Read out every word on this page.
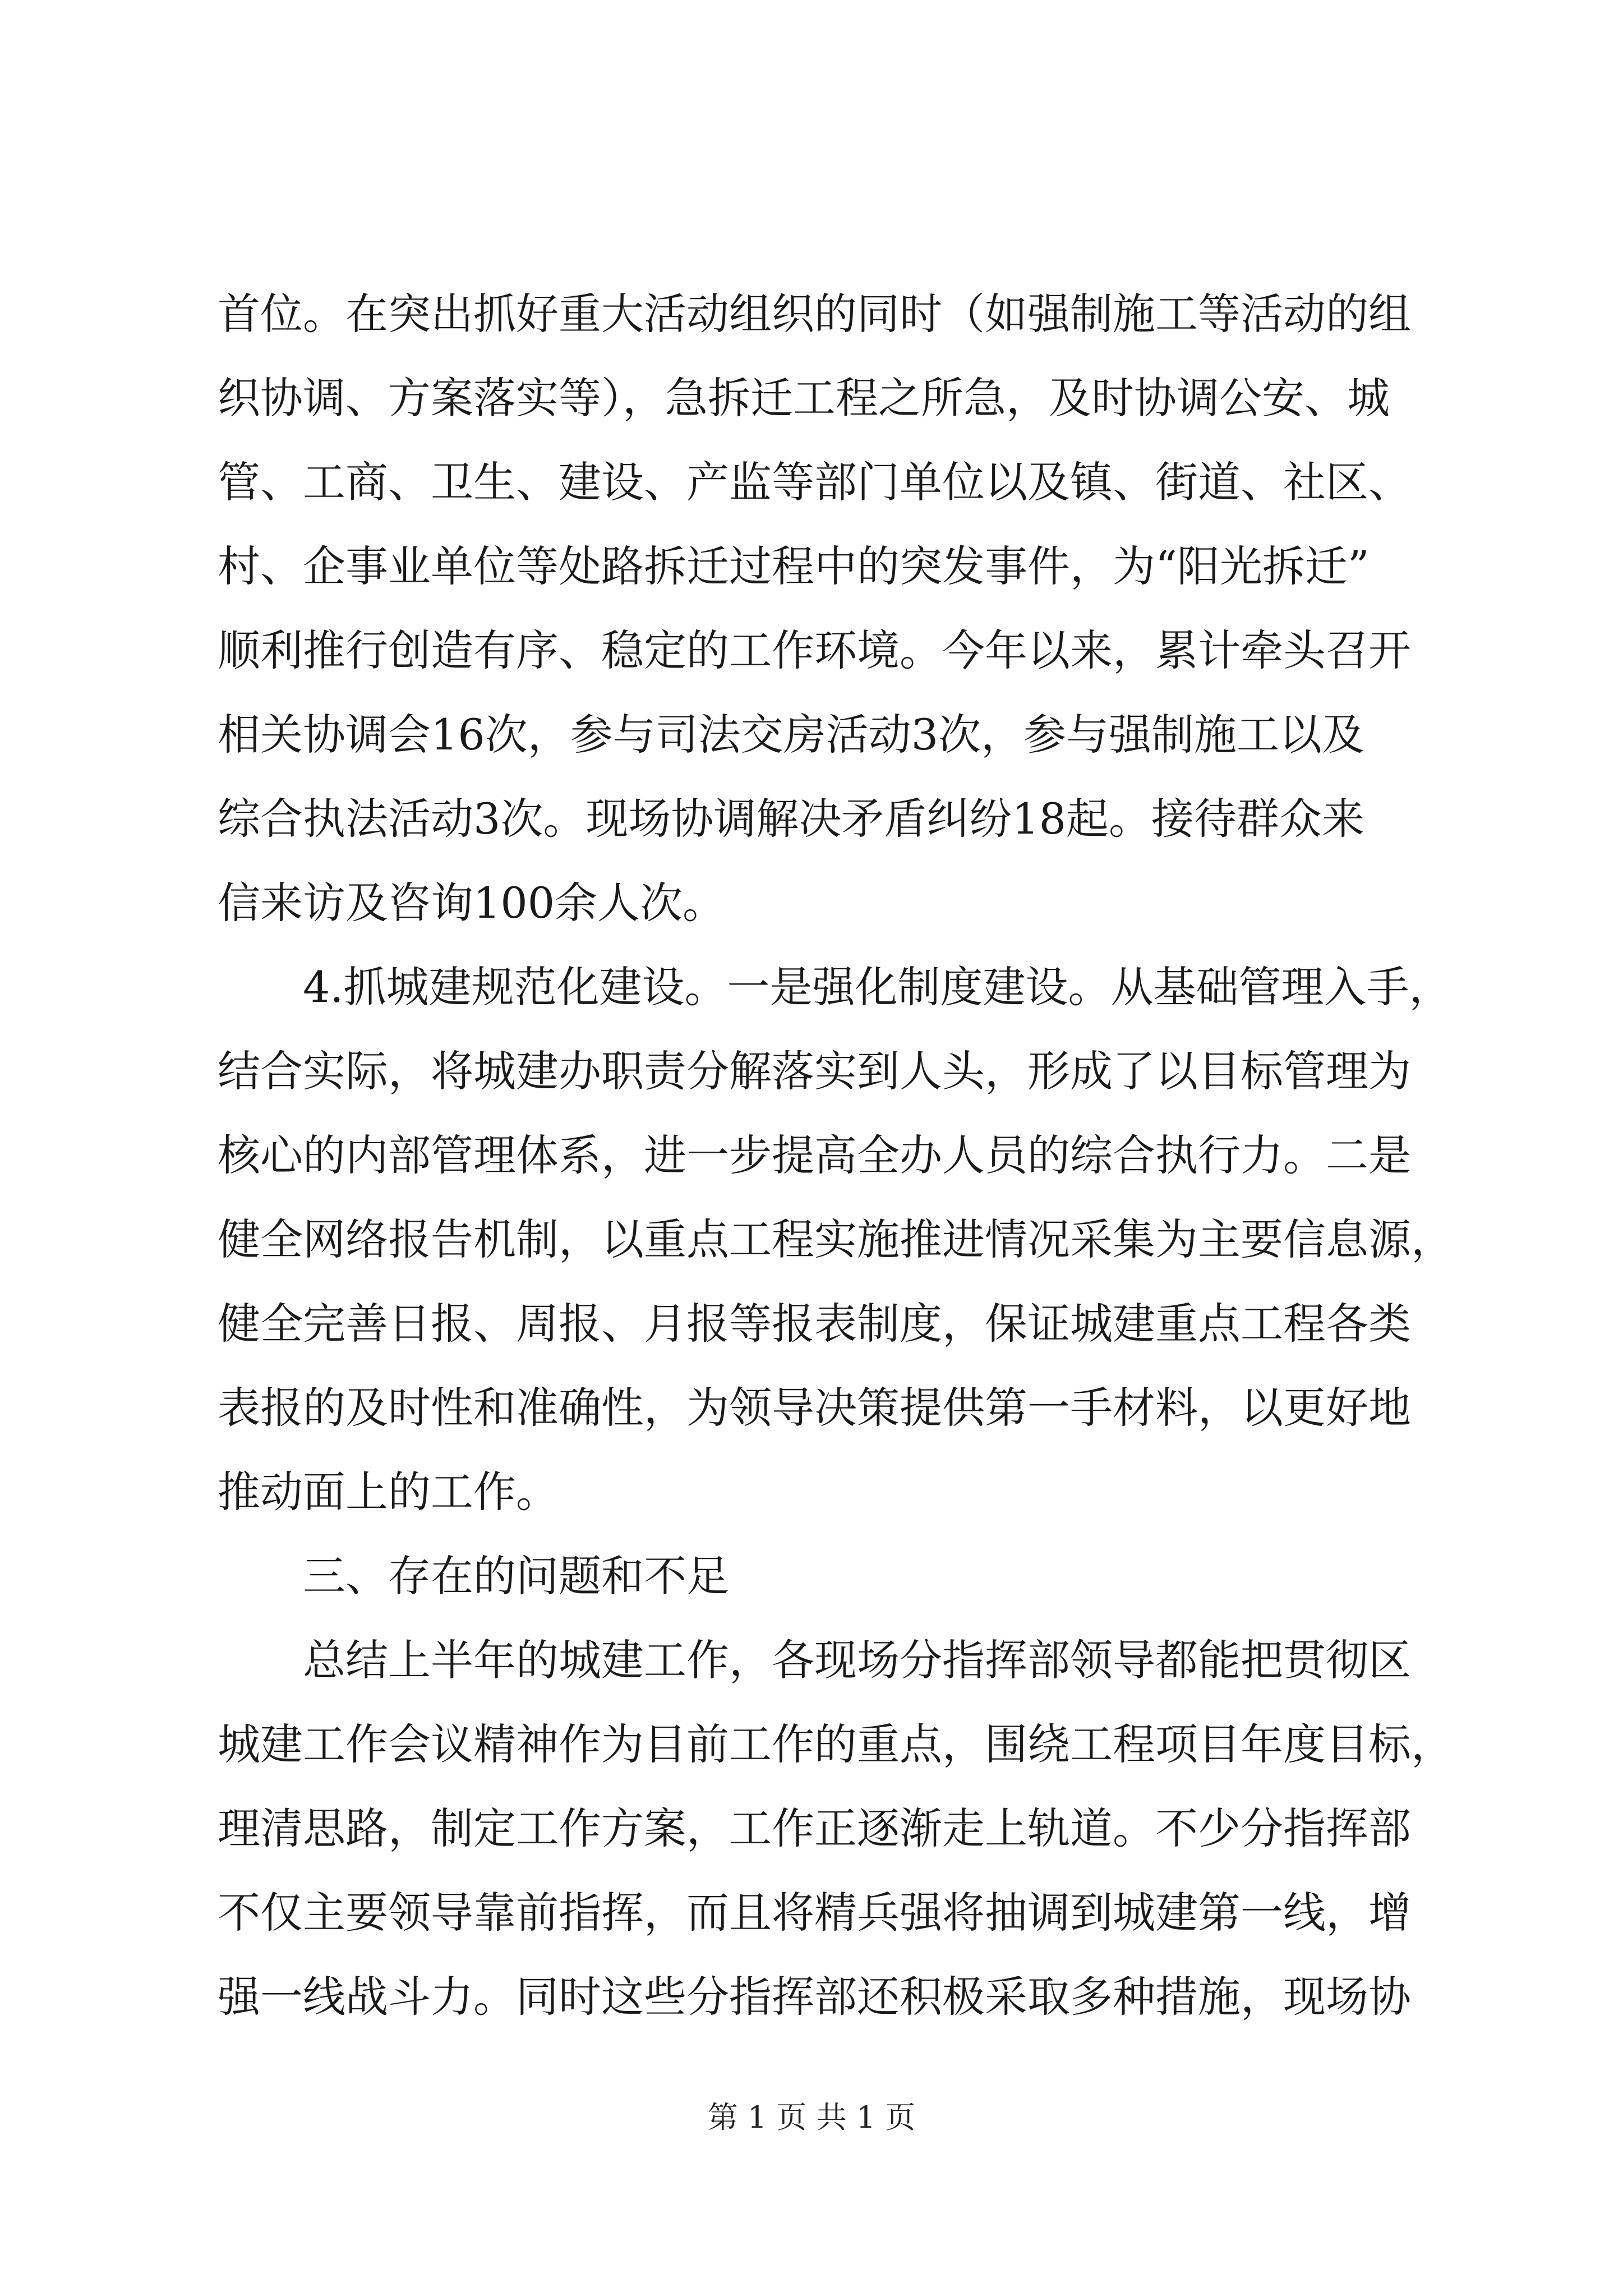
首位。在突出抓好重大活动组织的同时（如强制施工等活动的组
织协调、方案落实等），急拆迁工程之所急，及时协调公安、城
管、工商、卫生、建设、产监等部门单位以及镇、街道、社区、
村、企事业单位等处路拆迁过程中的突发事件，为“阳光拆迁”
顺利推行创造有序、稳定的工作环境。今年以来，累计牵头召开
相关协调会16次，参与司法交房活动3次，参与强制施工以及
综合执法活动3次。现场协调解决矛盾纠纷18起。接待群众来
信来访及咨询100余人次。
4.抓城建规范化建设。一是强化制度建设。从基础管理入手，
结合实际，将城建办职责分解落实到人头，形成了以目标管理为
核心的内部管理体系，进一步提高全办人员的综合执行力。二是
健全网络报告机制，以重点工程实施推进情况采集为主要信息源，
健全完善日报、周报、月报等报表制度，保证城建重点工程各类
表报的及时性和准确性，为领导决策提供第一手材料，以更好地
推动面上的工作。
三、存在的问题和不足
总结上半年的城建工作，各现场分指挥部领导都能把贯彻区
城建工作会议精神作为目前工作的重点，围绕工程项目年度目标，
理清思路，制定工作方案，工作正逐渐走上轨道。不少分指挥部
不仅主要领导靠前指挥，而且将精兵强将抽调到城建第一线，增
强一线战斗力。同时这些分指挥部还积极采取多种措施，现场协
第 1 页 共 1 页
